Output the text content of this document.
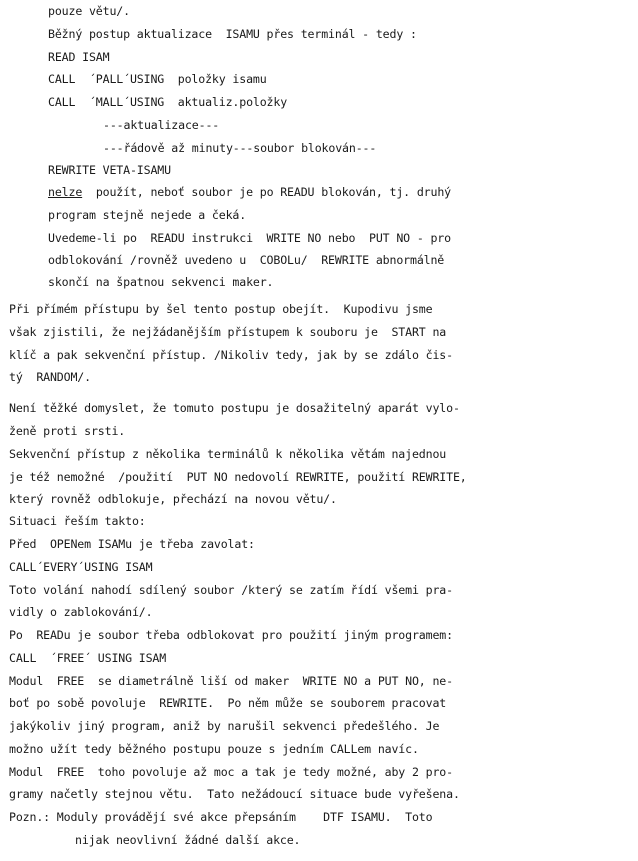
pouze větu/.
Běžný postup aktualizace  ISAMU přes terminál - tedy :
READ ISAM
CALL  ´PALL´USING  položky isamu
CALL  ´MALL´USING  aktualiz.položky
---aktualizace---
---řádově až minuty---soubor blokován---
REWRITE VETA-ISAMU
nelze  použít, neboť soubor je po READU blokován, tj. druhý
program stejně nejede a čeká.
Uvedeme-li po  READU instrukci  WRITE NO nebo  PUT NO - pro
odblokování /rovněž uvedeno u  COBOLu/  REWRITE abnormálně
skončí na špatnou sekvenci maker.
Při přímém přístupu by šel tento postup obejít.  Kupodivu jsme
však zjistili, že nejžádanějším přístupem k souboru je  START na
klíč a pak sekvenční přístup. /Nikoliv tedy, jak by se zdálo čis-
tý  RANDOM/.
Není těžké domyslet, že tomuto postupu je dosažitelný aparát vylo-
ženě proti srsti.
Sekvenční přístup z několika terminálů k několika větám najednou
je též nemožné  /použití  PUT NO nedovolí REWRITE, použití REWRITE,
který rovněž odblokuje, přechází na novou větu/.
Situaci řeším takto:
Před  OPENem ISAMu je třeba zavolat:
CALL´EVERY´USING ISAM
Toto volání nahodí sdílený soubor /který se zatím řídí všemi pra-
vidly o zablokování/.
Po  READu je soubor třeba odblokovat pro použití jiným programem:
CALL  ´FREE´ USING ISAM
Modul  FREE  se diametrálně liší od maker  WRITE NO a PUT NO, ne-
boť po sobě povoluje  REWRITE.  Po něm může se souborem pracovat
jakýkoliv jiný program, aniž by narušil sekvenci předešlého. Je
možno užít tedy běžného postupu pouze s jedním CALLem navíc.
Modul  FREE  toho povoluje až moc a tak je tedy možné, aby 2 pro-
gramy načetly stejnou větu.  Tato nežádoucí situace bude vyřešena.
Pozn.: Moduly provádějí své akce přepsáním    DTF ISAMU.  Toto
nijak neovlivní žádné další akce.
